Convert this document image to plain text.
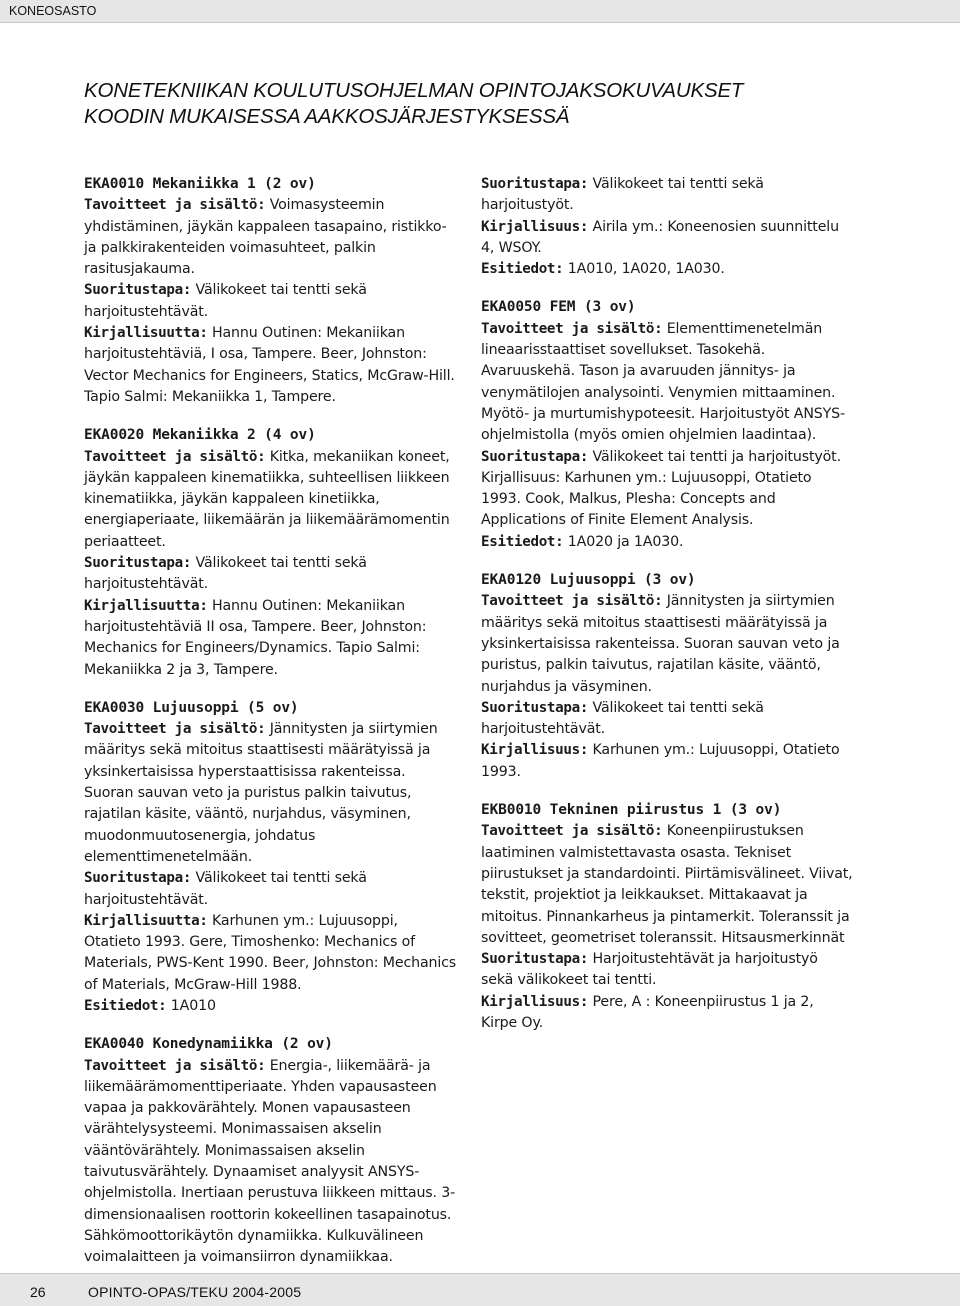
KONEOSASTO
KONETEKNIIKAN KOULUTUSOHJELMAN OPINTOJAKSOKUVAUKSET
KOODIN MUKAISESSA AAKKOSJÄRJESTYKSESSÄ
EKA0010 Mekaniikka 1 (2 ov)
Tavoitteet ja sisältö: Voimasysteemin yhdistäminen, jäykän kappaleen tasapaino, ristikko- ja palkkirakenteiden voimasuhteet, palkin rasitusjakauma.
Suoritustapa: Välikokeet tai tentti sekä harjoitustehtävät.
Kirjallisuutta: Hannu Outinen: Mekaniikan harjoitustehtäviä, I osa, Tampere. Beer, Johnston: Vector Mechanics for Engineers, Statics, McGraw-Hill. Tapio Salmi: Mekaniikka 1, Tampere.
EKA0020 Mekaniikka 2 (4 ov)
Tavoitteet ja sisältö: Kitka, mekaniikan koneet, jäykän kappaleen kinematiikka, suhteellisen liikkeen kinematiikka, jäykän kappaleen kinetiikka, energiaperiaate, liikemäärän ja liikemäärämomentin periaatteet.
Suoritustapa: Välikokeet tai tentti sekä harjoitustehtävät.
Kirjallisuutta: Hannu Outinen: Mekaniikan harjoitustehtäviä II osa, Tampere. Beer, Johnston: Mechanics for Engineers/Dynamics. Tapio Salmi: Mekaniikka 2 ja 3, Tampere.
EKA0030 Lujuusoppi (5 ov)
Tavoitteet ja sisältö: Jännitysten ja siirtymien määritys sekä mitoitus staattisesti määrätyissä ja yksinkertaisissa hyperstaattisissa rakenteissa. Suoran sauvan veto ja puristus palkin taivutus, rajatilan käsite, vääntö, nurjahdus, väsyminen, muodonmuutosenergia, johdatus elementtimenetelmään.
Suoritustapa: Välikokeet tai tentti sekä harjoitustehtävät.
Kirjallisuutta: Karhunen ym.: Lujuusoppi, Otatieto 1993. Gere, Timoshenko: Mechanics of Materials, PWS-Kent 1990. Beer, Johnston: Mechanics of Materials, McGraw-Hill 1988.
Esitiedot: 1A010
EKA0040 Konedynamiikka (2 ov)
Tavoitteet ja sisältö: Energia-, liikemäärä- ja liikemäärämomenttiperiaate. Yhden vapausasteen vapaa ja pakkovärähtely. Monen vapausasteen värähtelysysteemi. Monimassaisen akselin vääntövärähtely. Monimassaisen akselin taivutusvärähtely. Dynaamiset analyysit ANSYS-ohjelmistolla. Inertiaan perustuva liikkeen mittaus. 3-dimensionaalisen roottorin kokeellinen tasapainotus. Sähkömoottorikäytön dynamiikka. Kulkuvälineen voimalaitteen ja voimansiirron dynamiikkaa.
Suoritustapa: Välikokeet tai tentti sekä harjoitustyöt.
Kirjallisuus: Airila ym.: Koneenosien suunnittelu 4, WSOY.
Esitiedot: 1A010, 1A020, 1A030.
EKA0050 FEM (3 ov)
Tavoitteet ja sisältö: Elementtimenetelmän lineaarisstaattiset sovellukset. Tasokehä. Avaruuskehä. Tason ja avaruuden jännitys- ja venymätilojen analysointi. Venymien mittaaminen. Myötö- ja murtumishypoteesit. Harjoitustyöt ANSYS-ohjelmistolla (myös omien ohjelmien laadintaa).
Suoritustapa: Välikokeet tai tentti ja harjoitustyöt.
Kirjallisuus: Karhunen ym.: Lujuusoppi, Otatieto 1993. Cook, Malkus, Plesha: Concepts and Applications of Finite Element Analysis.
Esitiedot: 1A020 ja 1A030.
EKA0120 Lujuusoppi (3 ov)
Tavoitteet ja sisältö: Jännitysten ja siirtymien määritys sekä mitoitus staattisesti määrätyissä ja yksinkertaisissa rakenteissa. Suoran sauvan veto ja puristus, palkin taivutus, rajatilan käsite, vääntö, nurjahdus ja väsyminen.
Suoritustapa: Välikokeet tai tentti sekä harjoitustehtävät.
Kirjallisuus: Karhunen ym.: Lujuusoppi, Otatieto 1993.
EKB0010 Tekninen piirustus 1 (3 ov)
Tavoitteet ja sisältö: Koneenpiirustuksen laatiminen valmistettavasta osasta. Tekniset piirustukset ja standardointi. Piirtämisvälineet. Viivat, tekstit, projektiot ja leikkaukset. Mittakaavat ja mitoitus. Pinnankarheus ja pintamerkit. Toleranssit ja sovitteet, geometriset toleranssit. Hitsausmerkinnät
Suoritustapa: Harjoitustehtävät ja harjoitustyö sekä välikokeet tai tentti.
Kirjallisuus: Pere, A : Koneenpiirustus 1 ja 2, Kirpe Oy.
26	OPINTO-OPAS/TEKU 2004-2005
